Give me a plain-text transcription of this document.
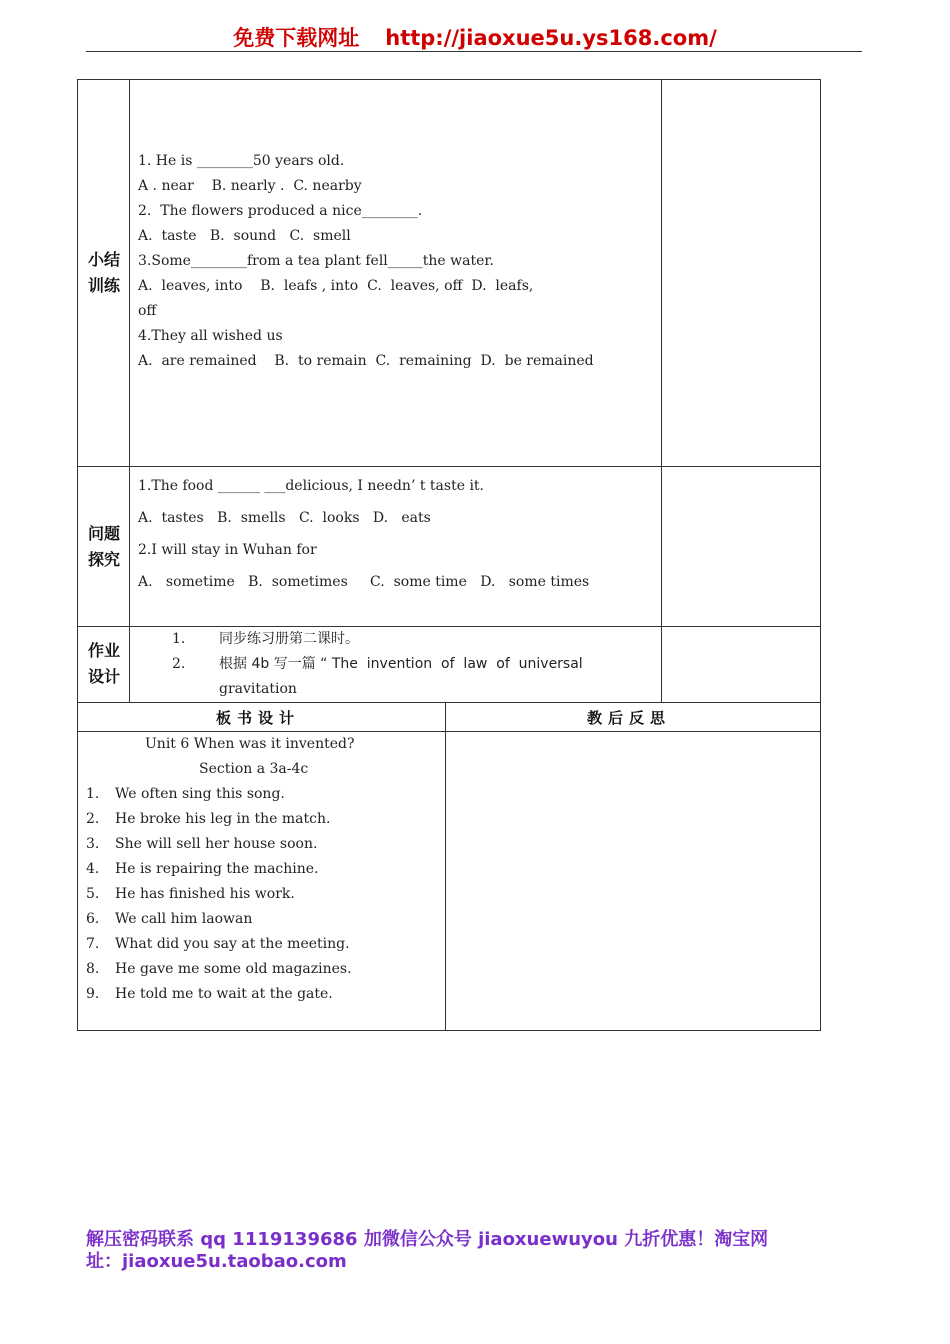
免费下载网址 http://jiaoxue5u.ys168.com/
小结
训练
1. He is ________50 years old.
A . near    B. nearly .  C. nearby
2.  The flowers produced a nice________.
A.  taste   B.  sound   C.  smell
3.Some________from a tea plant fell_____the water.
A.  leaves, into    B.  leafs , into  C.  leaves, off  D.  leafs,
off
4.They all wished us
A.  are remained    B.  to remain  C.  remaining  D.  be remained
问题
探究
1.The food ______ ___delicious, I needn’ t taste it.
A.  tastes   B.  smells   C.  looks   D.   eats
2.I will stay in Wuhan for
A.   sometime   B.  sometimes     C.  some time   D.   some times
作业
设计
1. 同步练习册第二课时。
2. 根据 4b 写一篇 “ The  invention  of  law  of  universal
gravitation
板书设计	教后反思
Unit 6 When was it invented?
Section a 3a-4c
1. We often sing this song.
2. He broke his leg in the match.
3. She will sell her house soon.
4. He is repairing the machine.
5. He has finished his work.
6. We call him laowan
7. What did you say at the meeting.
8. He gave me some old magazines.
9. He told me to wait at the gate.
解压密码联系 qq 1119139686 加微信公众号 jiaoxuewuyou 九折优惠！淘宝网
址：jiaoxue5u.taobao.com
